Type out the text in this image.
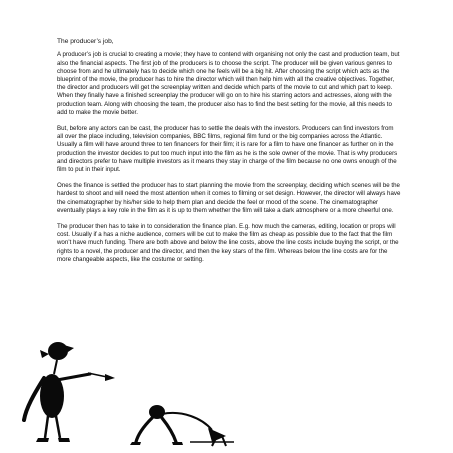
The producer’s job,

A producer’s job is crucial to creating a movie; they have to contend with organising not only the cast and production team, but also the financial aspects. The first job of the producers is to choose the script. The producer will be given various genres to choose from and he ultimately has to decide which one he feels will be a big hit. After choosing the script which acts as the blueprint of the movie, the producer has to hire the director which will then help him with all the creative objectives. Together, the director and producers will get the screenplay written and decide which parts of the movie to cut and which part to keep. When they finally have a finished screenplay the producer will go on to hire his starring actors and actresses, along with the production team. Along with choosing the team, the producer also has to find the best setting for the movie, all this needs to add to make the movie better.

But, before any actors can be cast, the producer has to settle the deals with the investors. Producers can find investors from all over the place including, television companies, BBC films, regional film fund or the big companies across the Atlantic. Usually a film will have around three to ten financers for their film; it is rare for a film to have one financer as further on in the production the investor decides to put too much input into the film as he is the sole owner of the movie. That is why producers and directors prefer to have multiple investors as it means they stay in charge of the film because no one owns enough of the film to put in their input.

Ones the finance is settled the producer has to start planning the movie from the screenplay, deciding which scenes will be the hardest to shoot and will need the most attention when it comes to filming or set design. However, the director will always have the cinematographer by his/her side to help them plan and decide the feel or mood of the scene. The cinematographer eventually plays a key role in the film as it is up to them whether the film will take a dark atmosphere or a more cheerful one.

The producer then has to take in to consideration the finance plan. E.g. how much the cameras, editing, location or props will cost. Usually if a has a niche audience, corners will be cut to make the film as cheap as possible due to the fact that the film won’t have much funding. There are both above and below the line costs, above the line costs include buying the script, or the rights to a novel, the producer and the director, and then the key stars of the film. Whereas below the line costs are for the more changeable aspects, like the costume or setting.
